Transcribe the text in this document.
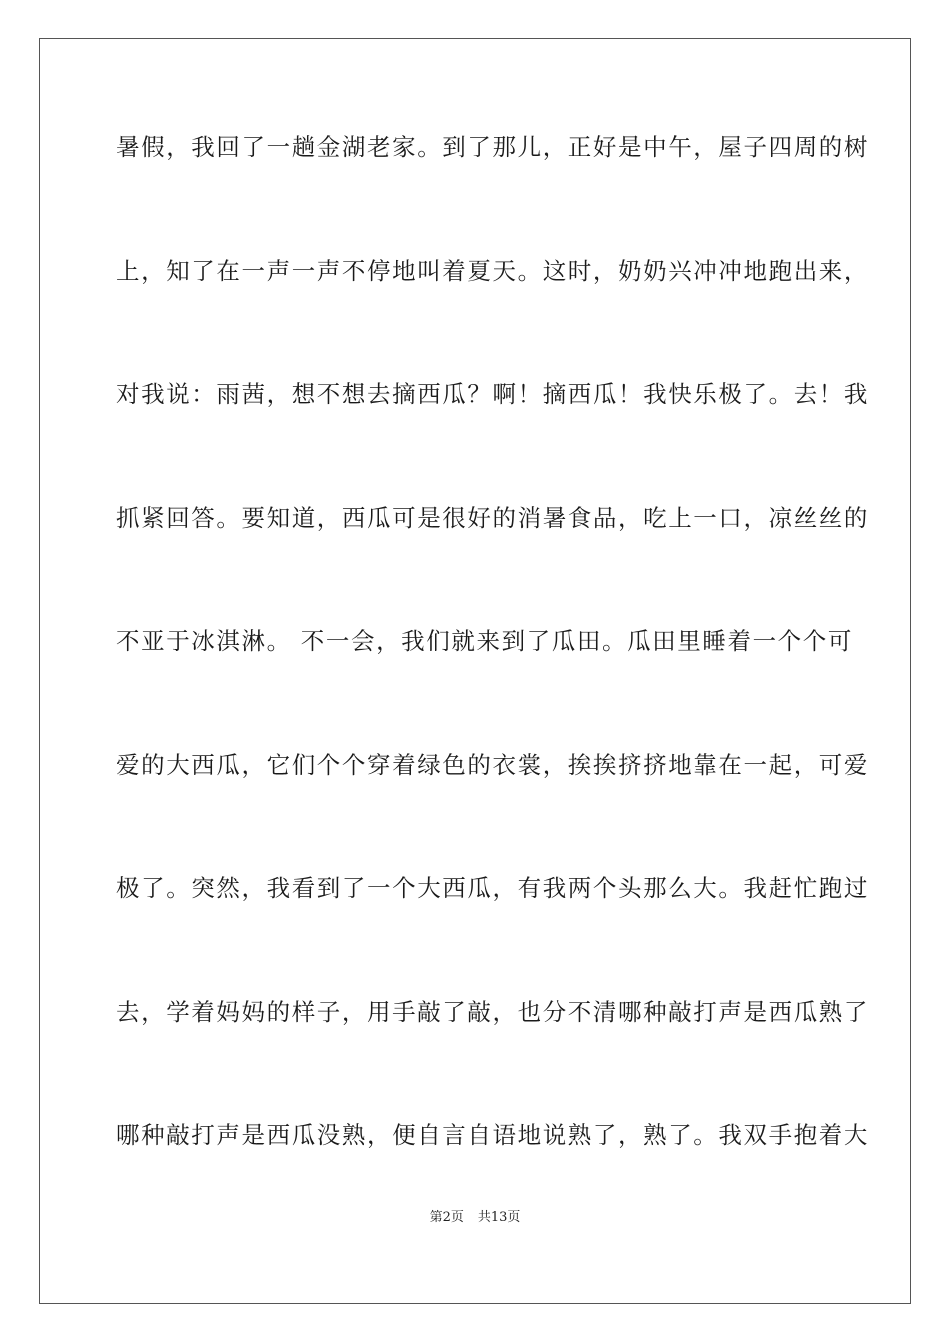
暑假，我回了一趟金湖老家。到了那儿，正好是中午，屋子四周的树
上，知了在一声一声不停地叫着夏天。这时，奶奶兴冲冲地跑出来，
对我说：雨茜，想不想去摘西瓜？啊！摘西瓜！我快乐极了。去！我
抓紧回答。要知道，西瓜可是很好的消暑食品，吃上一口，凉丝丝的
不亚于冰淇淋。 不一会，我们就来到了瓜田。瓜田里睡着一个个可
爱的大西瓜，它们个个穿着绿色的衣裳，挨挨挤挤地靠在一起，可爱
极了。突然，我看到了一个大西瓜，有我两个头那么大。我赶忙跑过
去，学着妈妈的样子，用手敲了敲，也分不清哪种敲打声是西瓜熟了
哪种敲打声是西瓜没熟，便自言自语地说熟了，熟了。我双手抱着大
第2页 共13页
